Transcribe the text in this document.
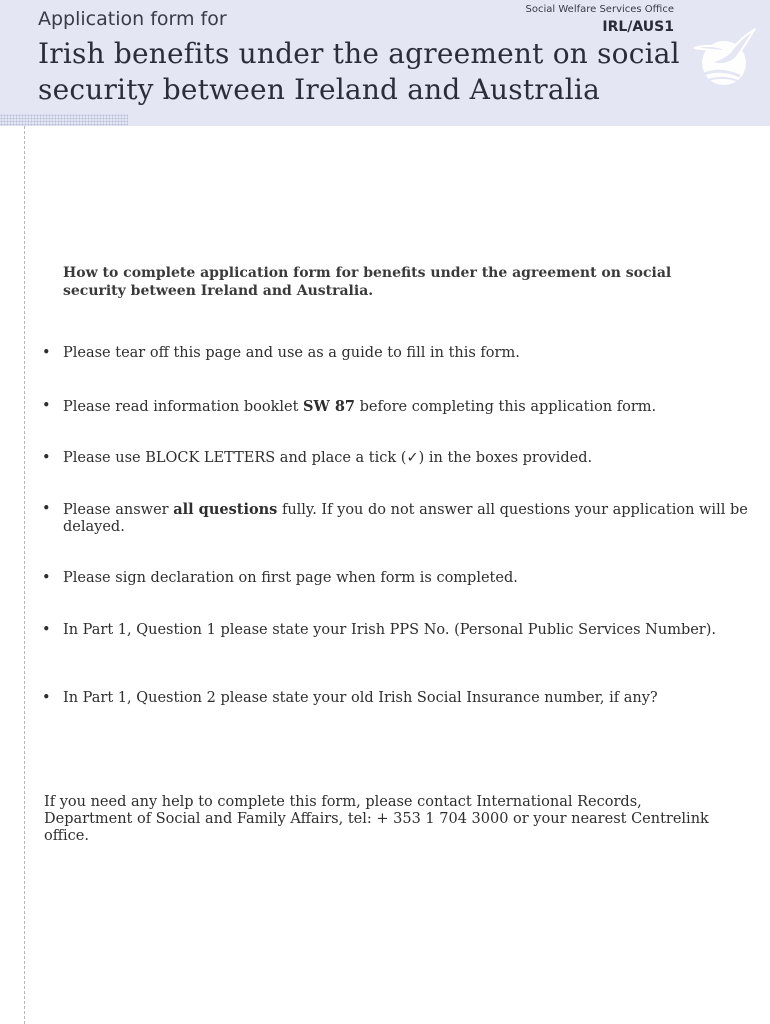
Application form for	Social Welfare Services Office
IRL/AUS1
Irish benefits under the agreement on social security between Ireland and Australia

How to complete application form for benefits under the agreement on social security between Ireland and Australia.

• Please tear off this page and use as a guide to fill in this form.
• Please read information booklet SW 87 before completing this application form.
• Please use BLOCK LETTERS and place a tick (✓) in the boxes provided.
• Please answer all questions fully. If you do not answer all questions your application will be delayed.
• Please sign declaration on first page when form is completed.
• In Part 1, Question 1 please state your Irish PPS No. (Personal Public Services Number).
• In Part 1, Question 2 please state your old Irish Social Insurance number, if any?

If you need any help to complete this form, please contact International Records, Department of Social and Family Affairs, tel: + 353 1 704 3000 or your nearest Centrelink office.
